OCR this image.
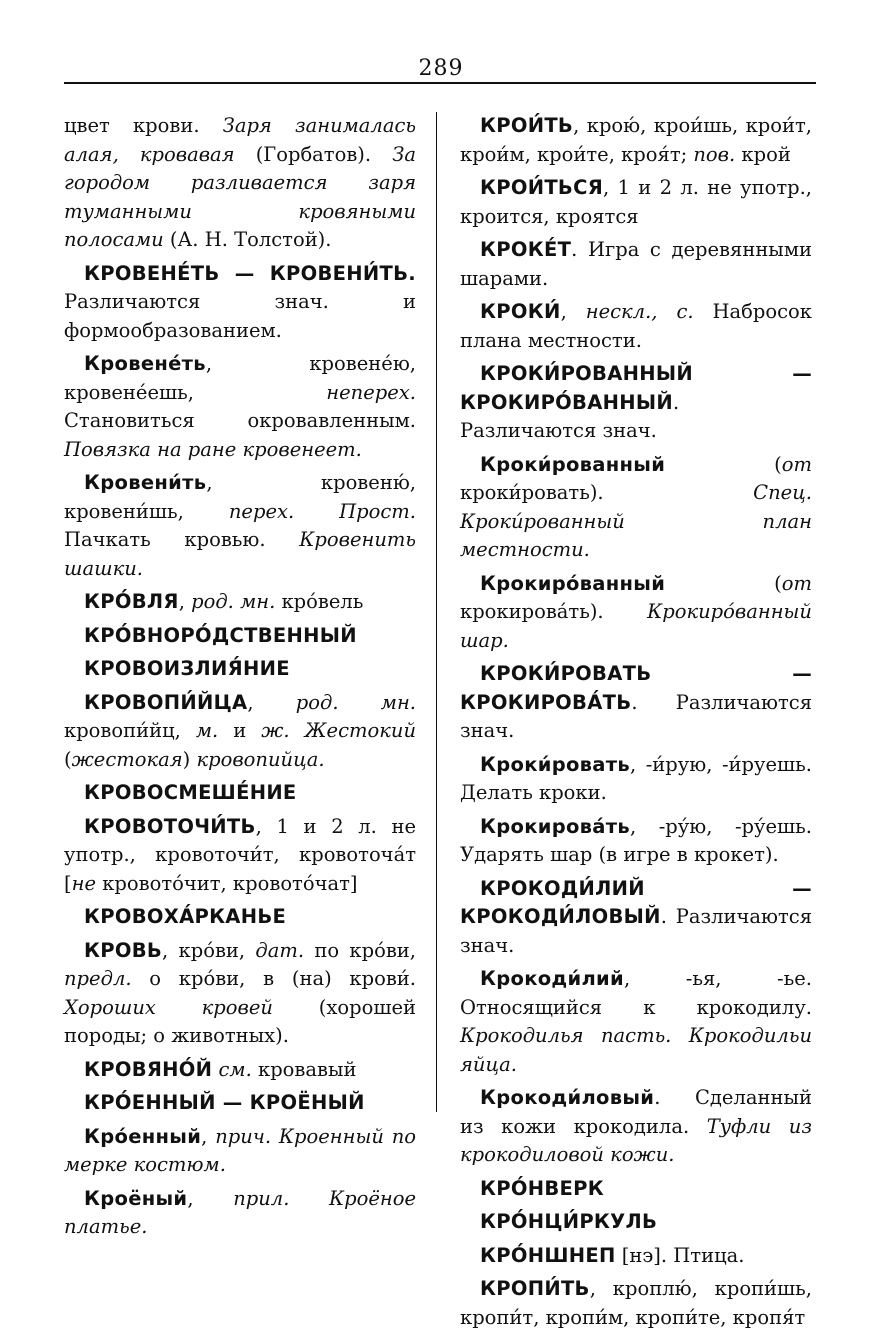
289

цвет крови. Заря занималась алая, кровавая (Горбатов). За городом разливается заря туманными кровяными полосами (А. Н. Толстой).

КРОВЕНЕ́ТЬ — КРОВЕНИ́ТЬ. Различаются знач. и формообразованием.

Кровене́ть, кровене́ю, кровене́ешь, неперех. Становиться окровавленным. Повязка на ране кровенеет.

Кровени́ть, кровеню́, кровени́шь, перех. Прост. Пачкать кровью. Кровенить шашки.

КРО́ВЛЯ, род. мн. кро́вель

КРО́ВНОРО́ДСТВЕННЫЙ

КРОВОИЗЛИЯ́НИЕ

КРОВОПИ́ЙЦА, род. мн. кровопи́йц, м. и ж. Жестокий (жестокая) кровопийца.

КРОВОСМЕШЕ́НИЕ

КРОВОТОЧИ́ТЬ, 1 и 2 л. не употр., кровоточи́т, кровоточа́т [не кровото́чит, кровото́чат]

КРОВОХА́РКАНЬЕ

КРОВЬ, кро́ви, дат. по кро́ви, предл. о кро́ви, в (на) крови́. Хороших кровей (хорошей породы; о животных).

КРОВЯНО́Й см. кровавый

КРО́ЕННЫЙ — КРОЁНЫЙ

Кро́енный, прич. Кроенный по мерке костюм.

Кроёный, прил. Кроёное платье.

КРОИ́ТЬ, крою́, крои́шь, крои́т, крои́м, крои́те, кроя́т; пов. крой

КРОИ́ТЬСЯ, 1 и 2 л. не употр., кроится, кроятся

КРОКЕ́Т. Игра с деревянными шарами.

КРОКИ́, нескл., с. Набросок плана местности.

КРОКИ́РОВАННЫЙ — КРОКИРО́ВАННЫЙ. Различаются знач.

Кроки́рованный (от кроки́ровать). Спец. Кроки́рованный план местности.

Крокиро́ванный (от крокирова́ть). Крокиро́ванный шар.

КРОКИ́РОВАТЬ — КРОКИРОВА́ТЬ. Различаются знач.

Кроки́ровать, -и́рую, -и́руешь. Делать кроки.

Крокирова́ть, -ру́ю, -ру́ешь. Ударять шар (в игре в крокет).

КРОКОДИ́ЛИЙ — КРОКОДИ́ЛОВЫЙ. Различаются знач.

Крокоди́лий, -ья, -ье. Относящийся к крокодилу. Крокодилья пасть. Крокодильи яйца.

Крокоди́ловый. Сделанный из кожи крокодила. Туфли из крокодиловой кожи.

КРО́НВЕРК

КРО́НЦИ́РКУЛЬ

КРО́НШНЕП [нэ]. Птица.

КРОПИ́ТЬ, кроплю́, кропи́шь, кропи́т, кропи́м, кропи́те, кропя́т
